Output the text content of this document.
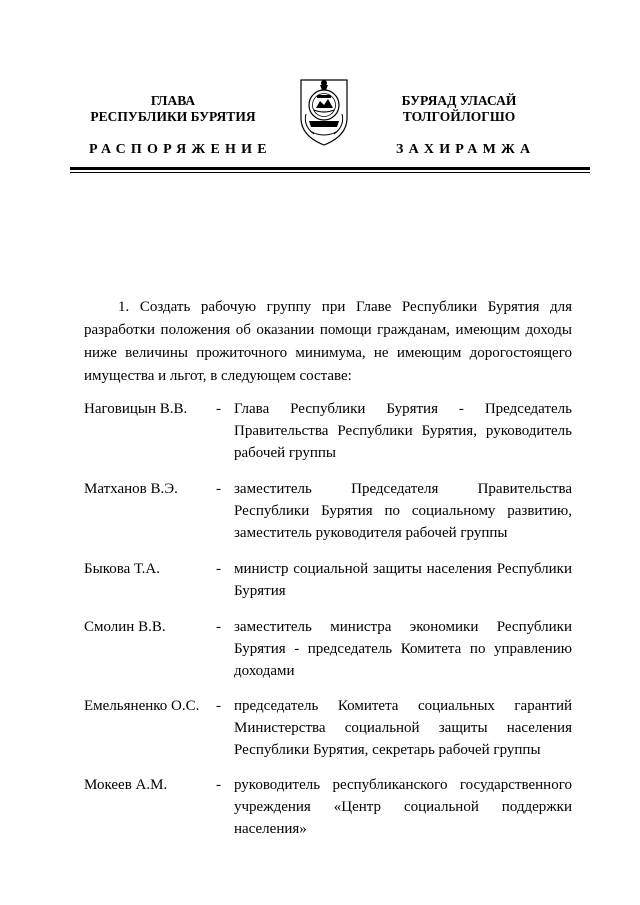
ГЛАВА
РЕСПУБЛИКИ БУРЯТИЯ
РАСПОРЯЖЕНИЕ
БУРЯАД УЛАСАЙ
ТОЛГОЙЛОГШО
ЗАХИРАМЖА
1. Создать рабочую группу при Главе Республики Бурятия для разработки положения об оказании помощи гражданам, имеющим доходы ниже величины прожиточного минимума, не имеющим дорогостоящего имущества и льгот, в следующем составе:
Наговицын В.В.	- Глава Республики Бурятия - Председатель Правительства Республики Бурятия, руководитель рабочей группы
Матханов В.Э.	- заместитель Председателя Правительства Республики Бурятия по социальному развитию, заместитель руководителя рабочей группы
Быкова Т.А.	- министр социальной защиты населения Республики Бурятия
Смолин В.В.	- заместитель министра экономики Республики Бурятия - председатель Комитета по управлению доходами
Емельяненко О.С.	- председатель Комитета социальных гарантий Министерства социальной защиты населения Республики Бурятия, секретарь рабочей группы
Мокеев А.М.	- руководитель республиканского государственного учреждения «Центр социальной поддержки населения»
